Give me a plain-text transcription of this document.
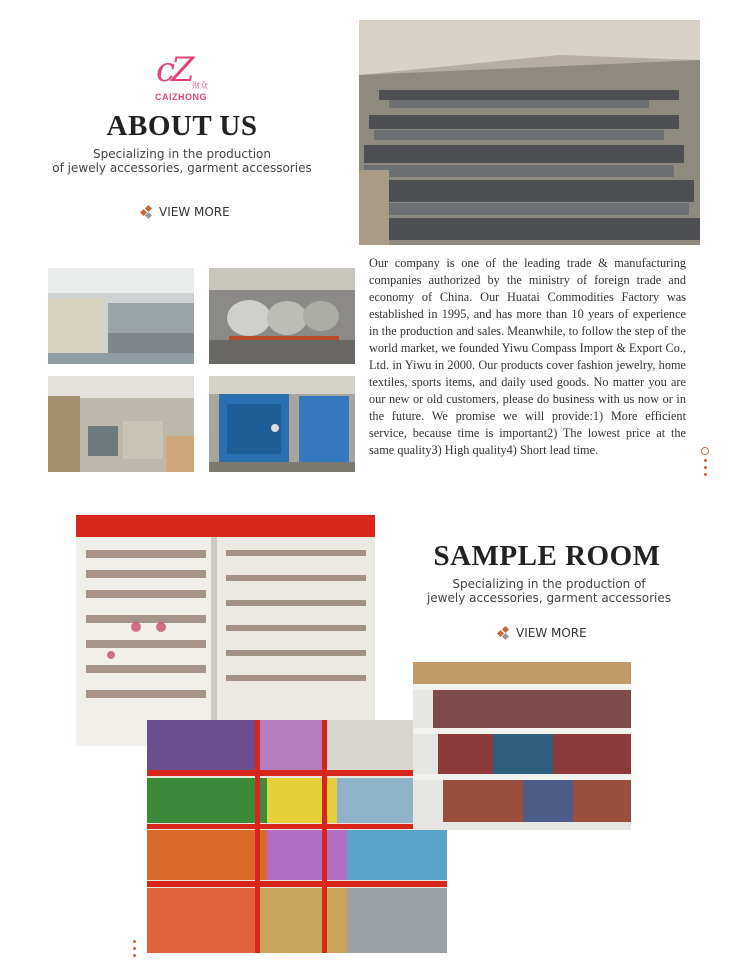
cZ 财众
CAIZHONG
ABOUT US
Specializing in the production
of jewely accessories, garment accessories
VIEW MORE

Our company is one of the leading trade & manufacturing companies authorized by the ministry of foreign trade and economy of China. Our Huatai Commodities Factory was established in 1995, and has more than 10 years of experience in the production and sales. Meanwhile, to follow the step of the world market, we founded Yiwu Compass Import & Export Co., Ltd. in Yiwu in 2000. Our products cover fashion jewelry, home textiles, sports items, and daily used goods. No matter you are our new or old customers, please do business with us now or in the future. We promise we will provide:1) More efficient service, because time is important2) The lowest price at the same quality3) High quality4) Short lead time.

SAMPLE ROOM
Specializing in the production of
jewely accessories, garment accessories
VIEW MORE
